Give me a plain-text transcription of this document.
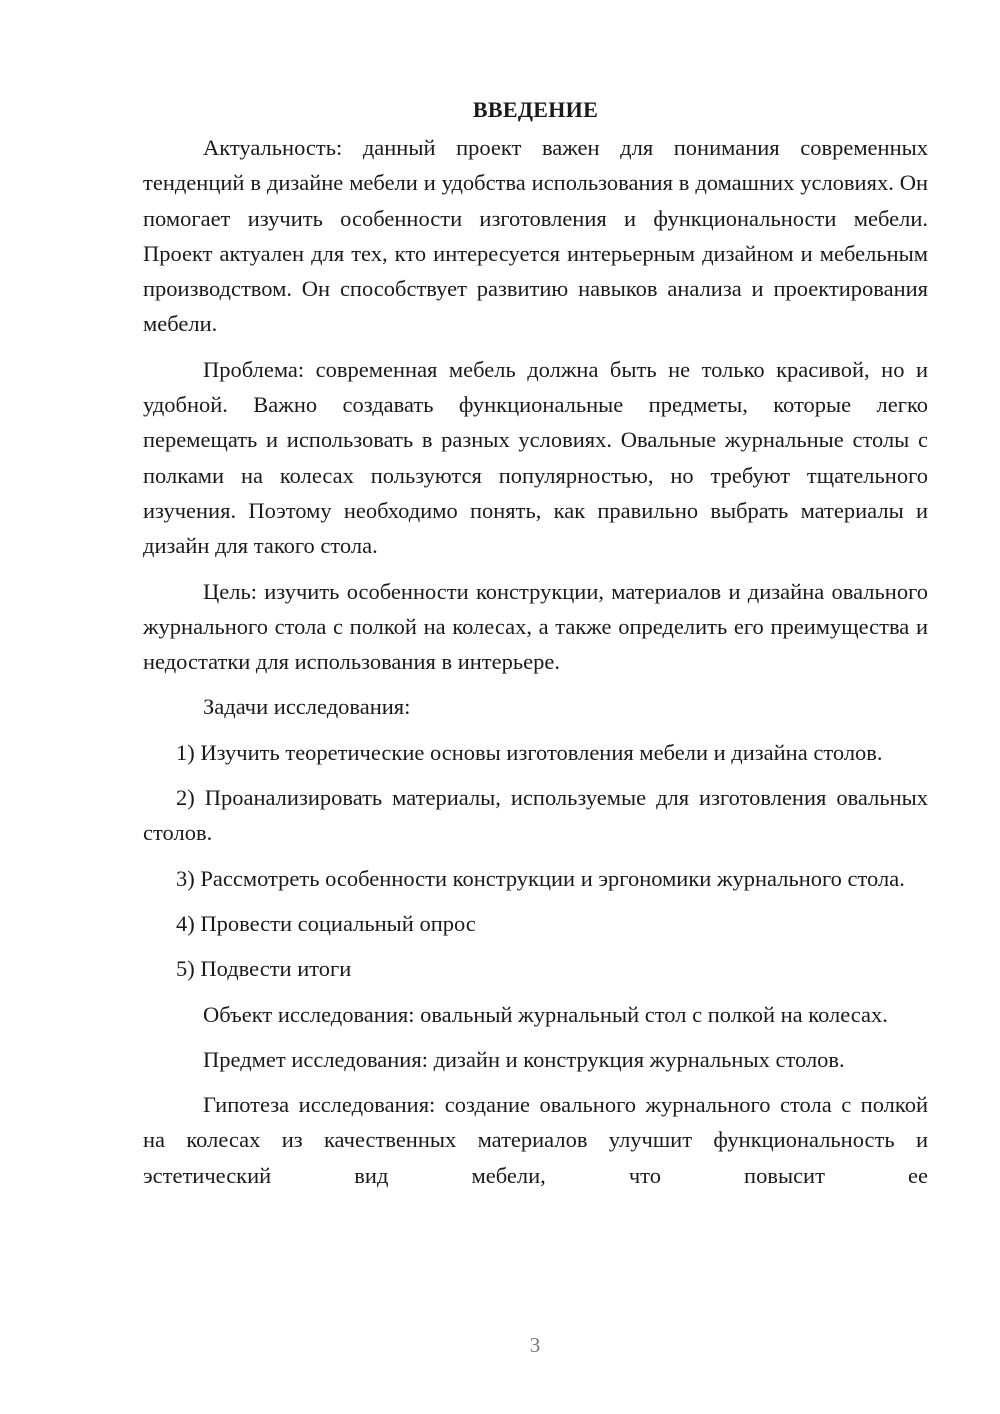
ВВЕДЕНИЕ

Актуальность: данный проект важен для понимания современных тенденций в дизайне мебели и удобства использования в домашних условиях. Он помогает изучить особенности изготовления и функциональности мебели. Проект актуален для тех, кто интересуется интерьерным дизайном и мебельным производством. Он способствует развитию навыков анализа и проектирования мебели.

Проблема: современная мебель должна быть не только красивой, но и удобной. Важно создавать функциональные предметы, которые легко перемещать и использовать в разных условиях. Овальные журнальные столы с полками на колесах пользуются популярностью, но требуют тщательного изучения. Поэтому необходимо понять, как правильно выбрать материалы и дизайн для такого стола.

Цель: изучить особенности конструкции, материалов и дизайна овального журнального стола с полкой на колесах, а также определить его преимущества и недостатки для использования в интерьере.

Задачи исследования:

1) Изучить теоретические основы изготовления мебели и дизайна столов.

2) Проанализировать материалы, используемые для изготовления овальных столов.

3) Рассмотреть особенности конструкции и эргономики журнального стола.

4) Провести социальный опрос

5) Подвести итоги

Объект исследования: овальный журнальный стол с полкой на колесах.

Предмет исследования: дизайн и конструкция журнальных столов.

Гипотеза исследования: создание овального журнального стола с полкой на колесах из качественных материалов улучшит функциональность и эстетический вид мебели, что повысит ее

3
